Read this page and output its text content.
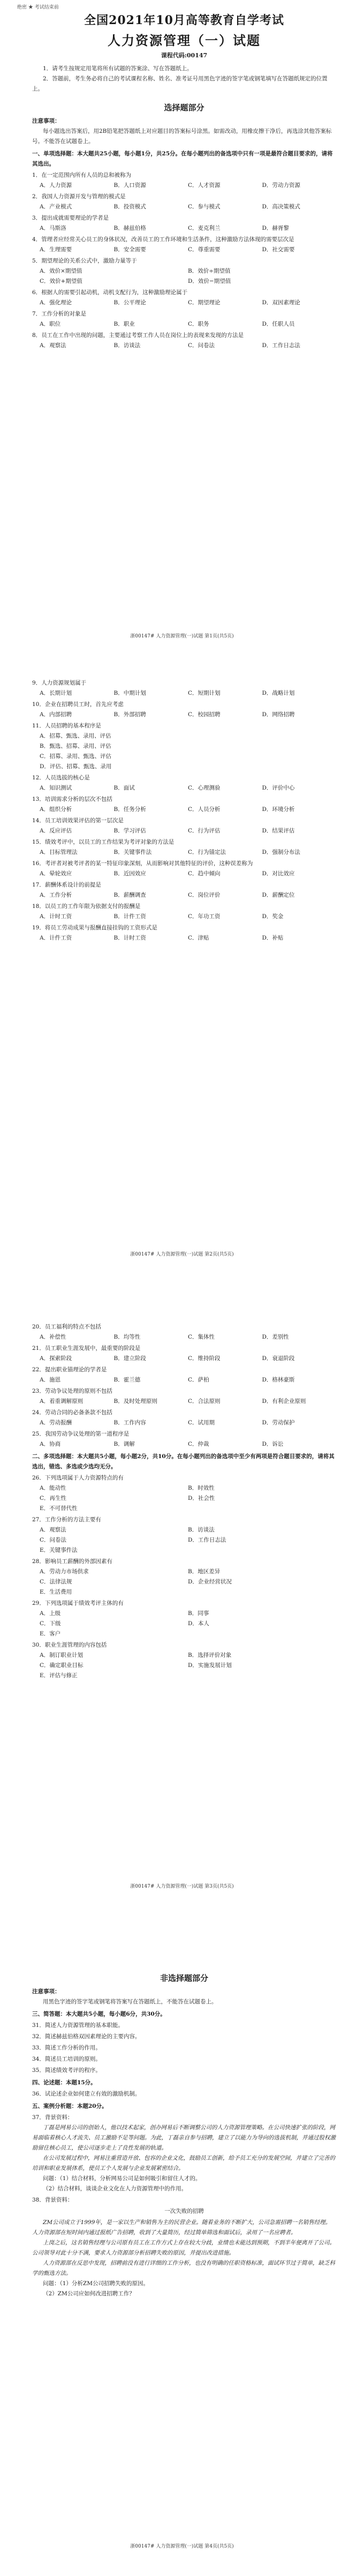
绝密 ★ 考试结束前

全国2021年10月高等教育自学考试

人力资源管理（一）试题

课程代码:00147

1．请考生按规定用笔将所有试题的答案涂、写在答题纸上。

2．答题前，考生务必将自己的考试课程名称、姓名、准考证号用黑色字迹的签字笔或钢笔填写在答题纸规定的位置上。

选择题部分

注意事项：

每小题选出答案后，用2B铅笔把答题纸上对应题目的答案标号涂黑。如需改动，用橡皮擦干净后，再选涂其他答案标号。不能答在试题卷上。

一、单项选择题：本大题共25小题，每小题1分，共25分。在每小题列出的备选项中只有一项是最符合题目要求的，请将其选出。

1．在一定范围内所有人员的总和被称为

A．人力资源	B．人口资源	C．人才资源	D．劳动力资源

2．我国人力资源开发与管理的模式是

A．产业模式	B．投资模式	C．参与模式	D．高决策模式

3．提出成就需要理论的学者是

A．马斯洛	B．赫兹伯格	C．麦克利兰	D．赫胥黎

4．管理者应经常关心员工的身体状况，改善员工的工作环境和生活条件，这种激励方法体现的需要层次是

A．生理需要	B．安全需要	C．尊重需要	D．社交需要

5．期望理论的关系公式中，激励力量等于

A．效价×期望值	B．效价÷期望值
C．效价+期望值	D．效价−期望值

6．根据人的需要引起动机，动机支配行为，这种激励理论属于

A．强化理论	B．公平理论	C．期望理论	D．双因素理论

7．工作分析的对象是

A．职位	B．职业	C．职务	D．任职人员

8．员工在工作中出现的问题，主要通过考察工作人员在岗位上的表现来发现的方法是

A．观察法	B．访谈法	C．问卷法	D．工作日志法
浙00147# 人力资源管理(一)试题 第1页(共5页)

9．人力资源规划属于

A．长期计划	B．中期计划	C．短期计划	D．战略计划

10．企业在招聘员工时，首先应考虑

A．内部招聘	B．外部招聘	C．校园招聘	D．网络招聘

11．人员招聘的基本程序是

A．招募、甄选、录用、评估
B．甄选、招募、录用、评估
C．招募、录用、甄选、评估
D．评估、招募、甄选、录用

12．人员选拔的核心是

A．知识测试	B．面试	C．心理测验	D．评价中心

13．培训需求分析的层次不包括

A．组织分析	B．任务分析	C．人员分析	D．环境分析

14．员工培训效果评估的第一层次是

A．反应评估	B．学习评估	C．行为评估	D．结果评估

15．绩效考评中，以员工的工作结果为考评对象的方法是

A．目标管理法	B．关键事件法	C．行为锚定法	D．强制分布法

16．考评者对被考评者的某一特征印象深刻，从而影响对其他特征的评价，这种误差称为

A．晕轮效应	B．近因效应	C．趋中倾向	D．对比效应

17．薪酬体系设计的前提是

A．工作分析	B．薪酬调查	C．岗位评价	D．薪酬定位

18．以员工的工作年限为依据支付的报酬是

A．计时工资	B．计件工资	C．年功工资	D．奖金

19．将员工劳动成果与报酬直接挂钩的工资形式是

A．计件工资	B．计时工资	C．津贴	D．补贴
浙00147# 人力资源管理(一)试题 第2页(共5页)

20．员工福利的特点不包括

A．补偿性	B．均等性	C．集体性	D．差别性

21．员工职业生涯发展中，最重要的阶段是

A．探索阶段	B．建立阶段	C．维持阶段	D．衰退阶段

22．提出职业锚理论的学者是

A．施恩	B．霍兰德	C．萨柏	D．格林豪斯

23．劳动争议处理的原则不包括

A．着重调解原则	B．及时处理原则	C．合法原则	D．有利企业原则

24．劳动合同的必备条款不包括

A．劳动报酬	B．工作内容	C．试用期	D．劳动保护

25．我国劳动争议处理的第一道程序是

A．协商	B．调解	C．仲裁	D．诉讼

二、多项选择题：本大题共5小题，每小题2分，共10分。在每小题列出的备选项中至少有两项是符合题目要求的，请将其选出，错选、多选或少选均无分。

26．下列选项属于人力资源特点的有

A．能动性	B．时效性
C．再生性	D．社会性
E．不可替代性

27．工作分析的方法主要有

A．观察法	B．访谈法
C．问卷法	D．工作日志法
E．关键事件法

28．影响员工薪酬的外部因素有

A．劳动力市场供求	B．地区差异
C．法律法规	D．企业经营状况
E．生活费用

29．下列选项属于绩效考评主体的有

A．上级	B．同事
C．下级	D．本人
E．客户

30．职业生涯管理的内容包括

A．制订职业计划	B．选择评价对象
C．确定职业目标	D．实施发展计划
E．评估与修正
浙00147# 人力资源管理(一)试题 第3页(共5页)

非选择题部分

注意事项：

用黑色字迹的签字笔或钢笔将答案写在答题纸上，不能答在试题卷上。

三、简答题：本大题共5小题，每小题6分，共30分。

31．简述人力资源管理的基本职能。

32．简述赫兹伯格双因素理论的主要内容。

33．简述工作分析的作用。

34．简述员工培训的原则。

35．简述绩效考评的程序。

四、论述题：本题15分。

36．试论述企业如何建立有效的激励机制。

五、案例分析题：本题20分。

37．背景资料：

丁磊是网易公司的创始人，他以技术起家，创办网易后不断调整公司的人力资源管理策略。在公司快速扩张的阶段，网易面临着核心人才流失、员工激励不足等问题。为此，丁磊亲自参与招聘，建立了以能力为导向的选拔机制，并通过股权激励留住核心员工，使公司逐步走上了良性发展的轨道。

在公司发展过程中，网易注重营造开放、包容的企业文化，鼓励员工创新，给予员工充分的发展空间，并建立了完善的培训和职业发展体系，使员工个人发展与企业发展紧密结合。

问题：（1）结合材料，分析网易公司是如何吸引和留住人才的。

（2）结合材料，谈谈企业文化在人力资源管理中的作用。

38．背景资料：

一次失败的招聘

ZM公司成立于1999年，是一家以生产和销售为主的民营企业。随着业务的不断扩大，公司急需招聘一名销售经理。人力资源部在短时间内通过报纸广告招聘，收到了大量简历，经过简单筛选和面试后，录用了一名应聘者。

上岗之后，这名销售经理与公司原有员工在工作方式上存在较大分歧，业绩也未能达到预期，不到半年便离开了公司。公司领导对此十分不满，要求人力资源部分析招聘失败的原因，并提出改进措施。

人力资源部在反思中发现，招聘前没有进行详细的工作分析，也没有明确的任职资格标准，面试环节过于简单，缺乏科学的甄选方法。

问题：（1）分析ZM公司招聘失败的原因。

（2）ZM公司应如何改进招聘工作？

浙00147# 人力资源管理(一)试题 第4页(共5页)
